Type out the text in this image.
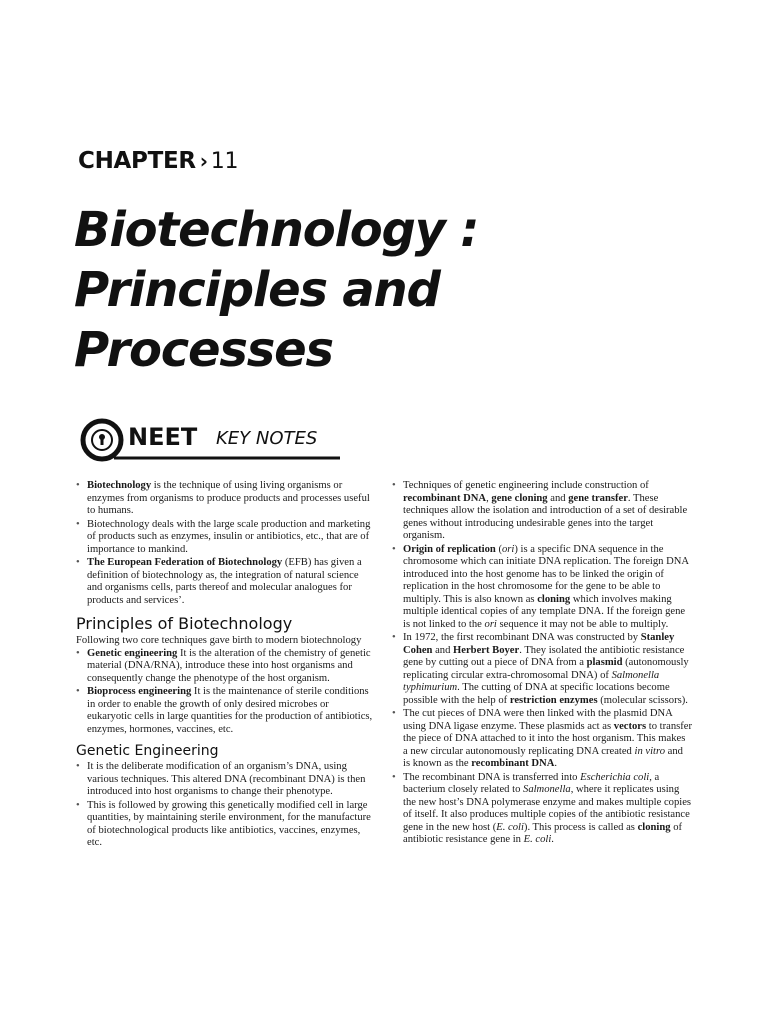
CHAPTER › 11
Biotechnology :
Principles and
Processes
NEET KEY NOTES
• Biotechnology is the technique of using living organisms or enzymes from organisms to produce products and processes useful to humans.
• Biotechnology deals with the large scale production and marketing of products such as enzymes, insulin or antibiotics, etc., that are of importance to mankind.
• The European Federation of Biotechnology (EFB) has given a definition of biotechnology as, the integration of natural science and organisms cells, parts thereof and molecular analogues for products and services’.
Principles of Biotechnology

Following two core techniques gave birth to modern biotechnology

• Genetic engineering It is the alteration of the chemistry of genetic material (DNA/RNA), introduce these into host organisms and consequently change the phenotype of the host organism.
• Bioprocess engineering It is the maintenance of sterile conditions in order to enable the growth of only desired microbes or eukaryotic cells in large quantities for the production of antibiotics, enzymes, hormones, vaccines, etc.
Genetic Engineering
• It is the deliberate modification of an organism’s DNA, using various techniques. This altered DNA (recombinant DNA) is then introduced into host organisms to change their phenotype.
• This is followed by growing this genetically modified cell in large quantities, by maintaining sterile environment, for the manufacture of biotechnological products like antibiotics, vaccines, enzymes, etc.
• Techniques of genetic engineering include construction of recombinant DNA, gene cloning and gene transfer. These techniques allow the isolation and introduction of a set of desirable genes without introducing undesirable genes into the target organism.
• Origin of replication (ori) is a specific DNA sequence in the chromosome which can initiate DNA replication. The foreign DNA introduced into the host genome has to be linked the origin of replication in the host chromosome for the gene to be able to multiply. This is also known as cloning which involves making multiple identical copies of any template DNA. If the foreign gene is not linked to the ori sequence it may not be able to multiply.
• In 1972, the first recombinant DNA was constructed by Stanley Cohen and Herbert Boyer. They isolated the antibiotic resistance gene by cutting out a piece of DNA from a plasmid (autonomously replicating circular extra-chromosomal DNA) of Salmonella typhimurium. The cutting of DNA at specific locations become possible with the help of restriction enzymes (molecular scissors).
• The cut pieces of DNA were then linked with the plasmid DNA using DNA ligase enzyme. These plasmids act as vectors to transfer the piece of DNA attached to it into the host organism. This makes a new circular autonomously replicating DNA created in vitro and is known as the recombinant DNA.
• The recombinant DNA is transferred into Escherichia coli, a bacterium closely related to Salmonella, where it replicates using the new host’s DNA polymerase enzyme and makes multiple copies of itself. It also produces multiple copies of the antibiotic resistance gene in the new host (E. coli). This process is called as cloning of antibiotic resistance gene in E. coli.
